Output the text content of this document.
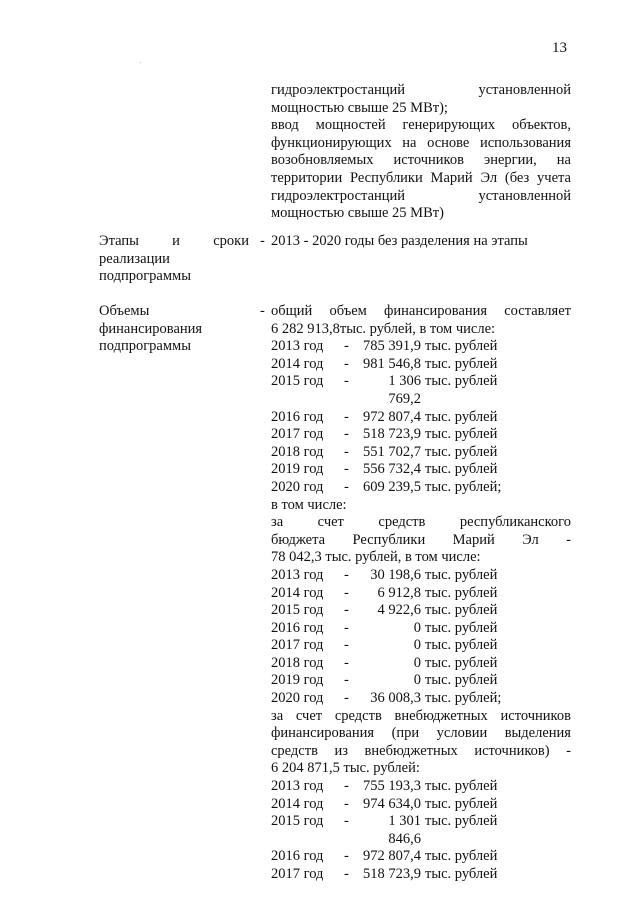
13
гидроэлектростанций	установленной
мощностью свыше 25 МВт);
ввод мощностей генерирующих объектов,
функционирующих на основе использования
возобновляемых источников энергии, на
территории Республики Марий Эл (без учета
гидроэлектростанций	установленной
мощностью свыше 25 МВт)
Этапы и сроки
реализации
подпрограммы
- 2013 - 2020 годы без разделения на этапы
Объемы
финансирования
подпрограммы
- общий объем финансирования составляет
6 282 913,8тыс. рублей, в том числе:
2013 год	- 785 391,9 тыс. рублей
2014 год	- 981 546,8 тыс. рублей
2015 год	-	1 306 769,2
тыс. рублей
2016 год	- 972 807,4 тыс. рублей
2017 год	- 518 723,9 тыс. рублей
2018 год	- 551 702,7 тыс. рублей
2019 год	- 556 732,4 тыс. рублей
2020 год	- 609 239,5 тыс. рублей;
в том числе:
за счет средств республиканского
бюджета Республики Марий Эл -
78 042,3 тыс. рублей, в том числе:
2013 год	-	30 198,6 тыс. рублей
2014 год	-	6 912,8 тыс. рублей
2015 год	-	4 922,6 тыс. рублей
2016 год	-	0 тыс. рублей
2017 год	-	0 тыс. рублей
2018 год	-	0 тыс. рублей
2019 год	-	0 тыс. рублей
2020 год	-	36 008,3 тыс. рублей;
за счет средств внебюджетных источников
финансирования (при условии выделения
средств из внебюджетных источников) -
6 204 871,5 тыс. рублей:
2013 год	- 755 193,3 тыс. рублей
2014 год	- 974 634,0 тыс. рублей
2015 год	-	1 301 846,6
тыс. рублей
2016 год	- 972 807,4 тыс. рублей
2017 год	- 518 723,9 тыс. рублей
